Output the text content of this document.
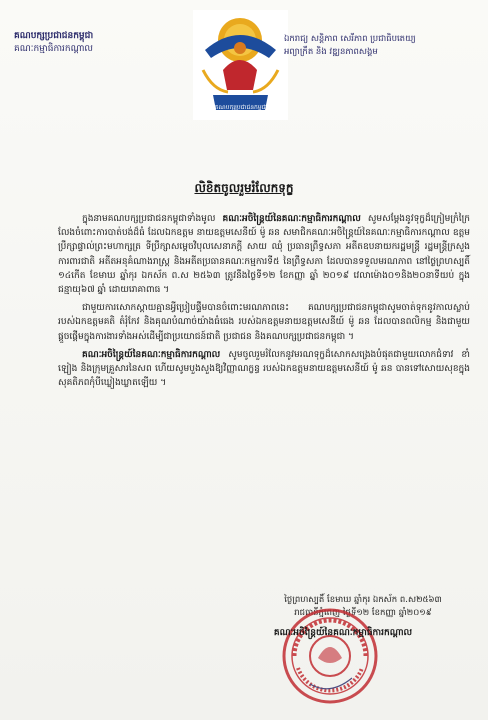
គណបក្សប្រជាជនកម្ពុជា
គណៈកម្មាធិការកណ្ដាល
គណបក្សប្រជាជនកម្ពុជា
ឯករាជ្យ សន្តិភាព សេរីភាព ប្រជាធិបតេយ្យ
អព្យាក្រឹត និង វឌ្ឍនភាពសង្គម
លិខិតចូលរួមរំលែកទុក្ខ

ក្នុងនាមគណបក្សប្រជាជនកម្ពុជាទាំងមូល គណៈអចិន្ត្រៃយ៍នៃគណៈកម្មាធិការកណ្ដាល សូមសម្ដែងនូវទុក្ខដ៏ក្រៀមក្រំក្រៃលែងចំពោះការបាត់បង់ដ៏ធំ ដែលឯកឧត្ដម នាយឧត្ដមសេនីយ៍ ម៉ូ ឆន សមាជិកគណៈអចិន្ត្រៃយ៍នៃគណៈកម្មាធិការកណ្ដាល ឧត្ដមប្រឹក្សាផ្ទាល់ព្រះមហាក្សត្រ ទីប្រឹក្សាសម្ដេចវិបុលសេនាភក្ដី សាយ ឈុំ ប្រធានព្រឹទ្ធសភា អតីតឧបនាយករដ្ឋមន្ត្រី រដ្ឋមន្ត្រីក្រសួងការពារជាតិ អតីតអនុគំណាងរាស្ត្រ និងអតីតប្រធានគណៈកម្មការទី៥ នៃព្រឹទ្ធសភា ដែលបានទទួលមរណភាព នៅថ្ងៃព្រហស្បតិ៍ ១៤កើត ខែមាឃ ឆ្នាំកុរ ឯកស័ក ព.ស ២៥៦៣ ត្រូវនឹងថ្ងៃទី១២ ខែកញ្ញា ឆ្នាំ ២០១៩ វេលាម៉ោង០១និង២០នាទីយប់ ក្នុងជន្មាយុ៦៧ ឆ្នាំ ដោយរោគាពាធ ។

ជាមួយការសោកស្ដាយគ្មានអ្វីប្រៀបផ្ទឹមបានចំពោះមរណភាពនេះ គណបក្សប្រជាជនកម្ពុជាសូមចាត់ទុកនូវកាលស្លាប់របស់ឯកឧត្ដមគតិ តំរុំកែវ និងគុណបំណាច់យ៉ាងធំធេង របស់ឯកឧត្ដមនាយឧត្ដមសេនីយ៍ ម៉ូ ឆន ដែលបានពលិកម្ម និងជាមួយផ្ដួចផ្ដើមក្នុងការងារទាំងអស់ដើម្បីជាប្រយោជន៍ជាតិ ប្រជាជន និងគណបក្សប្រជាជនកម្ពុជា ។

គណៈអចិន្ត្រៃយ៍នៃគណៈកម្មាធិការកណ្ដាល សូមចូលរួមរំលែកនូវមរណទុក្ខដ៏សោកសង្រេងបំផុតជាមួយលោកជំទាវ ខាំ ឡៀង និងក្រុមគ្រួសារនៃសព ហើយសូមបួងសួងឱ្យវិញ្ញាណក្ខន្ធ របស់ឯកឧត្ដមនាយឧត្ដមសេនីយ៍ ម៉ូ ឆន បានទៅសោយសុខក្នុងសុគតិភពកុំបីឃ្លៀងឃ្លាតឡើយ ។

ថ្ងៃព្រហស្បតិ៍ ខែមាឃ ឆ្នាំកុរ ឯកស័ក ព.ស២៥៦៣
រាជធានីភ្នំពេញ ថ្ងៃទី១២ ខែកញ្ញា ឆ្នាំ២០១៩
គណៈអចិន្ត្រៃយ៍នៃគណៈកម្មាធិការកណ្ដាល
